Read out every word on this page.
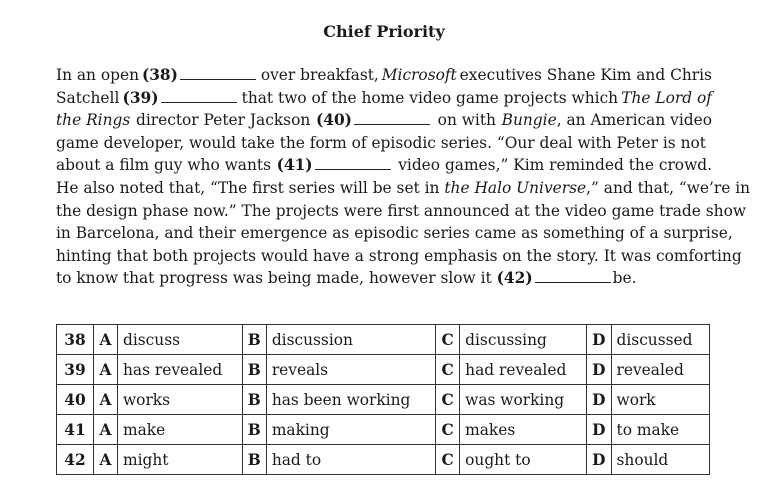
Chief Priority
In an open (38)	over breakfast, Microsoft executives Shane Kim and Chris
Satchell (39)	that two of the home video game projects which The Lord of
the Rings director Peter Jackson (40)	on with Bungie, an American video
game developer, would take the form of episodic series. “Our deal with Peter is not
about a film guy who wants (41)	video games,” Kim reminded the crowd.
He also noted that, “The first series will be set in the Halo Universe,” and that, “we’re in
the design phase now.” The projects were first announced at the video game trade show
in Barcelona, and their emergence as episodic series came as something of a surprise,
hinting that both projects would have a strong emphasis on the story. It was comforting
to know that progress was being made, however slow it (42)	be.
38	A	discuss	B	discussion	C	discussing	D	discussed
39	A	has revealed	B	reveals	C	had revealed	D	revealed
40	A	works	B	has been working	C	was working	D	work
41	A	make	B	making	C	makes	D	to make
42	A	might	B	had to	C	ought to	D	should
